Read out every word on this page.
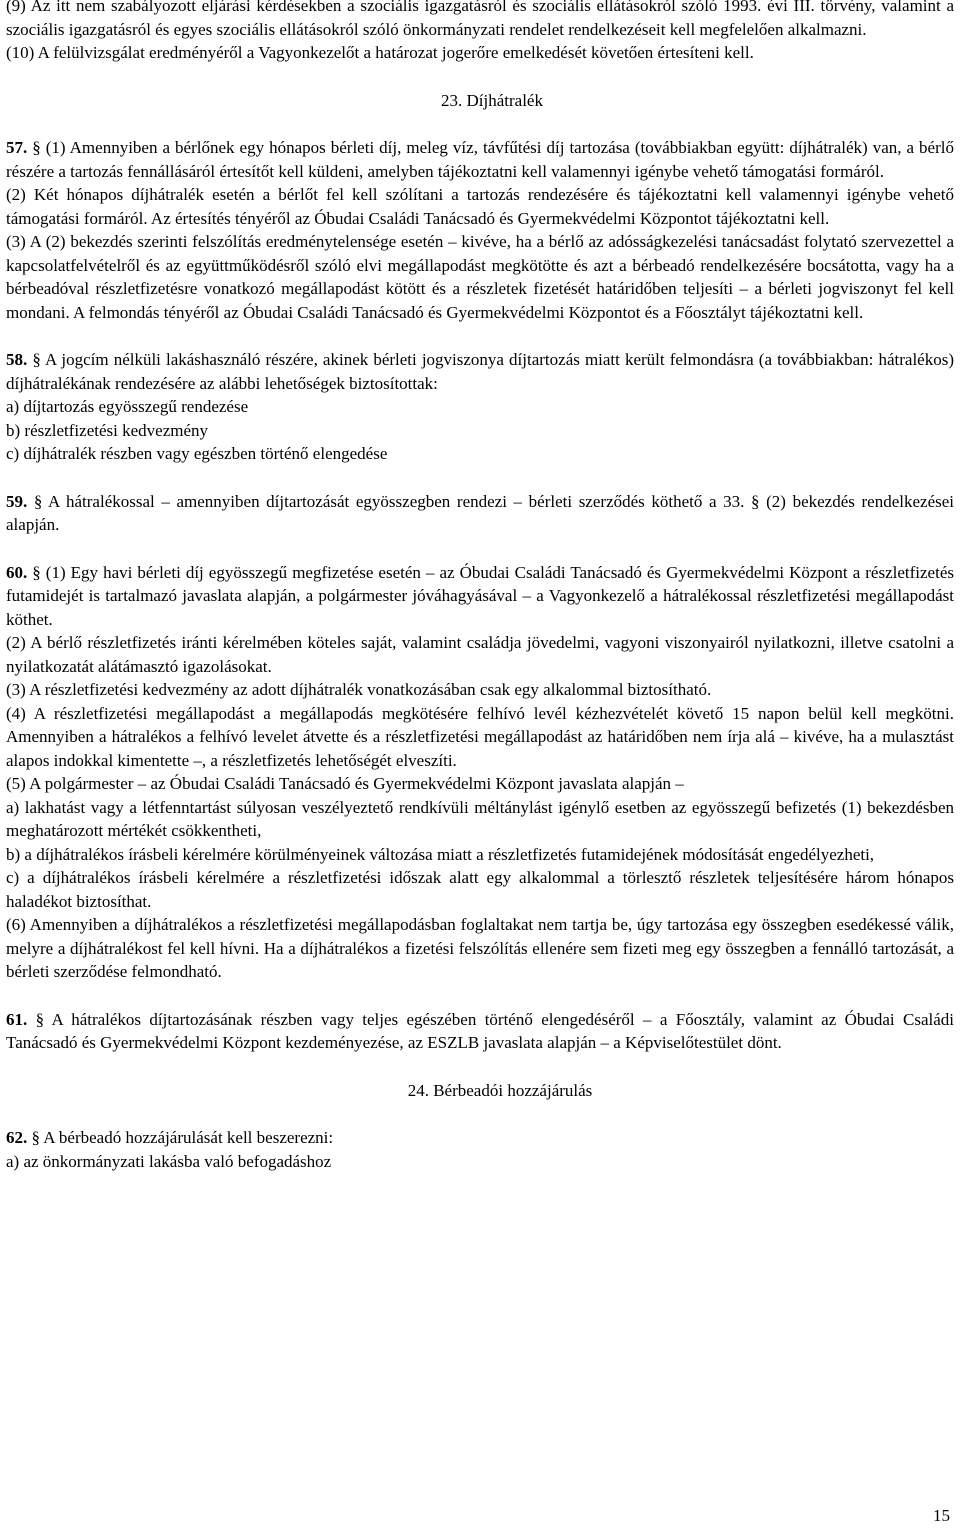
(9) Az itt nem szabályozott eljárási kérdésekben a szociális igazgatásról és szociális ellátásokról szóló 1993. évi III. törvény, valamint a szociális igazgatásról és egyes szociális ellátásokról szóló önkormányzati rendelet rendelkezéseit kell megfelelően alkalmazni.

(10) A felülvizsgálat eredményéről a Vagyonkezelőt a határozat jogerőre emelkedését követően értesíteni kell.

23. Díjhátralék

57. § (1) Amennyiben a bérlőnek egy hónapos bérleti díj, meleg víz, távfűtési díj tartozása (továbbiakban együtt: díjhátralék) van, a bérlő részére a tartozás fennállásáról értesítőt kell küldeni, amelyben tájékoztatni kell valamennyi igénybe vehető támogatási formáról.

(2) Két hónapos díjhátralék esetén a bérlőt fel kell szólítani a tartozás rendezésére és tájékoztatni kell valamennyi igénybe vehető támogatási formáról. Az értesítés tényéről az Óbudai Családi Tanácsadó és Gyermekvédelmi Központot tájékoztatni kell.

(3) A (2) bekezdés szerinti felszólítás eredménytelensége esetén ‒ kivéve, ha a bérlő az adósságkezelési tanácsadást folytató szervezettel a kapcsolatfelvételről és az együttműködésről szóló elvi megállapodást megkötötte és azt a bérbeadó rendelkezésére bocsátotta, vagy ha a bérbeadóval részletfizetésre vonatkozó megállapodást kötött és a részletek fizetését határidőben teljesíti ‒ a bérleti jogviszonyt fel kell mondani. A felmondás tényéről az Óbudai Családi Tanácsadó és Gyermekvédelmi Központot és a Főosztályt tájékoztatni kell.

58. § A jogcím nélküli lakáshasználó részére, akinek bérleti jogviszonya díjtartozás miatt került felmondásra (a továbbiakban: hátralékos) díjhátralékának rendezésére az alábbi lehetőségek biztosítottak:

a) díjtartozás egyösszegű rendezése

b) részletfizetési kedvezmény

c) díjhátralék részben vagy egészben történő elengedése

59. § A hátralékossal ‒ amennyiben díjtartozását egyösszegben rendezi ‒ bérleti szerződés köthető a 33. § (2) bekezdés rendelkezései alapján.

60. § (1) Egy havi bérleti díj egyösszegű megfizetése esetén ‒ az Óbudai Családi Tanácsadó és Gyermekvédelmi Központ a részletfizetés futamidejét is tartalmazó javaslata alapján, a polgármester jóváhagyásával ‒ a Vagyonkezelő a hátralékossal részletfizetési megállapodást köthet.

(2) A bérlő részletfizetés iránti kérelmében köteles saját, valamint családja jövedelmi, vagyoni viszonyairól nyilatkozni, illetve csatolni a nyilatkozatát alátámasztó igazolásokat.

(3) A részletfizetési kedvezmény az adott díjhátralék vonatkozásában csak egy alkalommal biztosítható.

(4) A részletfizetési megállapodást a megállapodás megkötésére felhívó levél kézhezvételét követő 15 napon belül kell megkötni. Amennyiben a hátralékos a felhívó levelet átvette és a részletfizetési megállapodást az határidőben nem írja alá ‒ kivéve, ha a mulasztást alapos indokkal kimentette ‒, a részletfizetés lehetőségét elveszíti.

(5) A polgármester ‒ az Óbudai Családi Tanácsadó és Gyermekvédelmi Központ javaslata alapján ‒

a) lakhatást vagy a létfenntartást súlyosan veszélyeztető rendkívüli méltánylást igénylő esetben az egyösszegű befizetés (1) bekezdésben meghatározott mértékét csökkentheti,

b) a díjhátralékos írásbeli kérelmére körülményeinek változása miatt a részletfizetés futamidejének módosítását engedélyezheti,

c) a díjhátralékos írásbeli kérelmére a részletfizetési időszak alatt egy alkalommal a törlesztő részletek teljesítésére három hónapos haladékot biztosíthat.

(6) Amennyiben a díjhátralékos a részletfizetési megállapodásban foglaltakat nem tartja be, úgy tartozása egy összegben esedékessé válik, melyre a díjhátralékost fel kell hívni. Ha a díjhátralékos a fizetési felszólítás ellenére sem fizeti meg egy összegben a fennálló tartozását, a bérleti szerződése felmondható.

61. § A hátralékos díjtartozásának részben vagy teljes egészében történő elengedéséről ‒ a Főosztály, valamint az Óbudai Családi Tanácsadó és Gyermekvédelmi Központ kezdeményezése, az ESZLB javaslata alapján ‒ a Képviselőtestület dönt.

24. Bérbeadói hozzájárulás

62. § A bérbeadó hozzájárulását kell beszerezni:

a) az önkormányzati lakásba való befogadáshoz

15
